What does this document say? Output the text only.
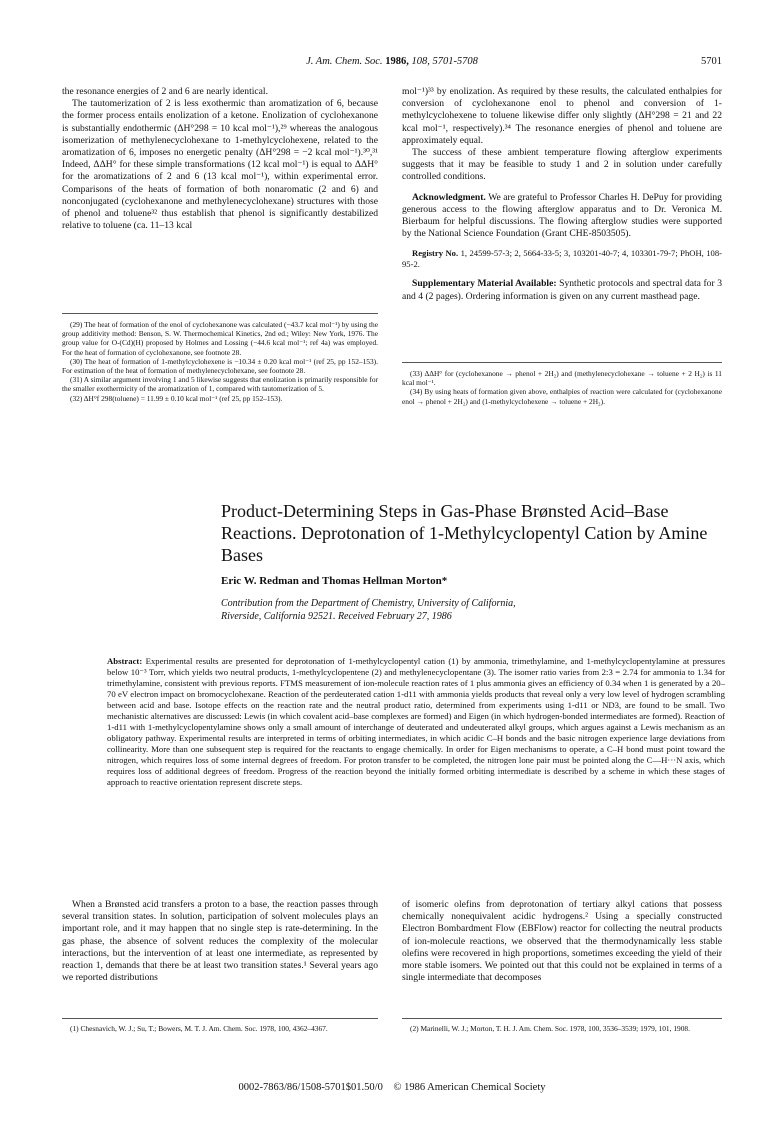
J. Am. Chem. Soc. 1986, 108, 5701-5708	5701

the resonance energies of 2 and 6 are nearly identical.

The tautomerization of 2 is less exothermic than aromatization of 6, because the former process entails enolization of a ketone. Enolization of cyclohexanone is substantially endothermic (ΔH°298 = 10 kcal mol⁻¹),²⁹ whereas the analogous isomerization of methylenecyclohexane to 1-methylcyclohexene, related to the aromatization of 6, imposes no energetic penalty (ΔH°298 = −2 kcal mol⁻¹).³⁰,³¹ Indeed, ΔΔH° for these simple transformations (12 kcal mol⁻¹) is equal to ΔΔH° for the aromatizations of 2 and 6 (13 kcal mol⁻¹), within experimental error. Comparisons of the heats of formation of both nonaromatic (2 and 6) and nonconjugated (cyclohexanone and methylenecyclohexane) structures with those of phenol and toluene³² thus establish that phenol is significantly destabilized relative to toluene (ca. 11–13 kcal

(29) The heat of formation of the enol of cyclohexanone was calculated (−43.7 kcal mol⁻¹) by using the group additivity method: Benson, S. W. Thermochemical Kinetics, 2nd ed.; Wiley: New York, 1976. The group value for O-(Cd)(H) proposed by Holmes and Lossing (−44.6 kcal mol⁻¹; ref 4a) was employed. For the heat of formation of cyclohexanone, see footnote 28.

(30) The heat of formation of 1-methylcyclohexene is −10.34 ± 0.20 kcal mol⁻¹ (ref 25, pp 152–153). For estimation of the heat of formation of methylenecyclohexane, see footnote 28.

(31) A similar argument involving 1 and 5 likewise suggests that enolization is primarily responsible for the smaller exothermicity of the aromatization of 1, compared with tautomerization of 5.

(32) ΔH°f 298(toluene) = 11.99 ± 0.10 kcal mol⁻¹ (ref 25, pp 152–153).

mol⁻¹)³³ by enolization. As required by these results, the calculated enthalpies for conversion of cyclohexanone enol to phenol and conversion of 1-methylcyclohexene to toluene likewise differ only slightly (ΔH°298 = 21 and 22 kcal mol⁻¹, respectively).³⁴ The resonance energies of phenol and toluene are approximately equal.

The success of these ambient temperature flowing afterglow experiments suggests that it may be feasible to study 1 and 2 in solution under carefully controlled conditions.

Acknowledgment. We are grateful to Professor Charles H. DePuy for providing generous access to the flowing afterglow apparatus and to Dr. Veronica M. Bierbaum for helpful discussions. The flowing afterglow studies were supported by the National Science Foundation (Grant CHE-8503505).

Registry No. 1, 24599-57-3; 2, 5664-33-5; 3, 103201-40-7; 4, 103301-79-7; PhOH, 108-95-2.

Supplementary Material Available: Synthetic protocols and spectral data for 3 and 4 (2 pages). Ordering information is given on any current masthead page.

(33) ΔΔH° for (cyclohexanone → phenol + 2H₂) and (methylenecyclohexane → toluene + 2 H₂) is 11 kcal mol⁻¹.

(34) By using heats of formation given above, enthalpies of reaction were calculated for (cyclohexanone enol → phenol + 2H₂) and (1-methylcyclohexene → toluene + 2H₂).

Product-Determining Steps in Gas-Phase Brønsted Acid–Base Reactions. Deprotonation of 1-Methylcyclopentyl Cation by Amine Bases
Eric W. Redman and Thomas Hellman Morton*
Contribution from the Department of Chemistry, University of California,
Riverside, California 92521. Received February 27, 1986
Abstract: Experimental results are presented for deprotonation of 1-methylcyclopentyl cation (1) by ammonia, trimethylamine, and 1-methylcyclopentylamine at pressures below 10⁻³ Torr, which yields two neutral products, 1-methylcyclopentene (2) and methylenecyclopentane (3). The isomer ratio varies from 2:3 = 2.74 for ammonia to 1.34 for trimethylamine, consistent with previous reports. FTMS measurement of ion-molecule reaction rates of 1 plus ammonia gives an efficiency of 0.34 when 1 is generated by a 20–70 eV electron impact on bromocyclohexane. Reaction of the perdeuterated cation 1-d11 with ammonia yields products that reveal only a very low level of hydrogen scrambling between acid and base. Isotope effects on the reaction rate and the neutral product ratio, determined from experiments using 1-d11 or ND3, are found to be small. Two mechanistic alternatives are discussed: Lewis (in which covalent acid–base complexes are formed) and Eigen (in which hydrogen-bonded intermediates are formed). Reaction of 1-d11 with 1-methylcyclopentylamine shows only a small amount of interchange of deuterated and undeuterated alkyl groups, which argues against a Lewis mechanism as an obligatory pathway. Experimental results are interpreted in terms of orbiting intermediates, in which acidic C–H bonds and the basic nitrogen experience large deviations from collinearity. More than one subsequent step is required for the reactants to engage chemically. In order for Eigen mechanisms to operate, a C–H bond must point toward the nitrogen, which requires loss of some internal degrees of freedom. For proton transfer to be completed, the nitrogen lone pair must be pointed along the C—H···N axis, which requires loss of additional degrees of freedom. Progress of the reaction beyond the initially formed orbiting intermediate is described by a scheme in which these stages of approach to reactive orientation represent discrete steps.

When a Brønsted acid transfers a proton to a base, the reaction passes through several transition states. In solution, participation of solvent molecules plays an important role, and it may happen that no single step is rate-determining. In the gas phase, the absence of solvent reduces the complexity of the molecular interactions, but the intervention of at least one intermediate, as represented by reaction 1, demands that there be at least two transition states.¹ Several years ago we reported distributions

of isomeric olefins from deprotonation of tertiary alkyl cations that possess chemically nonequivalent acidic hydrogens.² Using a specially constructed Electron Bombardment Flow (EBFlow) reactor for collecting the neutral products of ion-molecule reactions, we observed that the thermodynamically less stable olefins were recovered in high proportions, sometimes exceeding the yield of their more stable isomers. We pointed out that this could not be explained in terms of a single intermediate that decomposes

(1) Chesnavich, W. J.; Su, T.; Bowers, M. T. J. Am. Chem. Soc. 1978, 100, 4362–4367.	(2) Marinelli, W. J.; Morton, T. H. J. Am. Chem. Soc. 1978, 100, 3536–3539; 1979, 101, 1908.

0002-7863/86/1508-5701$01.50/0 © 1986 American Chemical Society
